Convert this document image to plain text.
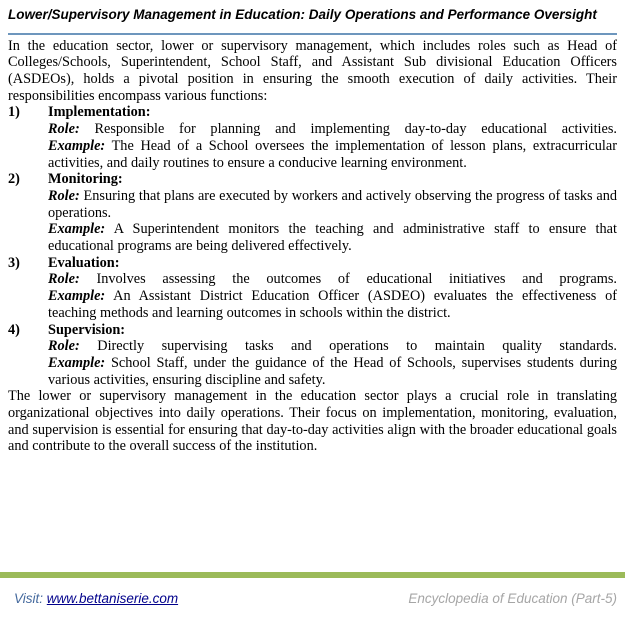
Lower/Supervisory Management in Education: Daily Operations and Performance Oversight

In the education sector, lower or supervisory management, which includes roles such as Head of Colleges/Schools, Superintendent, School Staff, and Assistant Sub divisional Education Officers (ASDEOs), holds a pivotal position in ensuring the smooth execution of daily activities. Their responsibilities encompass various functions:

1) Implementation:

Role: Responsible for planning and implementing day-to-day educational activities.

Example: The Head of a School oversees the implementation of lesson plans, extracurricular activities, and daily routines to ensure a conducive learning environment.

2) Monitoring:

Role: Ensuring that plans are executed by workers and actively observing the progress of tasks and operations.

Example: A Superintendent monitors the teaching and administrative staff to ensure that educational programs are being delivered effectively.

3) Evaluation:

Role: Involves assessing the outcomes of educational initiatives and programs.

Example: An Assistant District Education Officer (ASDEO) evaluates the effectiveness of teaching methods and learning outcomes in schools within the district.

4) Supervision:

Role: Directly supervising tasks and operations to maintain quality standards.

Example: School Staff, under the guidance of the Head of Schools, supervises students during various activities, ensuring discipline and safety.

The lower or supervisory management in the education sector plays a crucial role in translating organizational objectives into daily operations. Their focus on implementation, monitoring, evaluation, and supervision is essential for ensuring that day-to-day activities align with the broader educational goals and contribute to the overall success of the institution.

Visit: www.bettaniserie.com	Encyclopedia of Education (Part-5)
